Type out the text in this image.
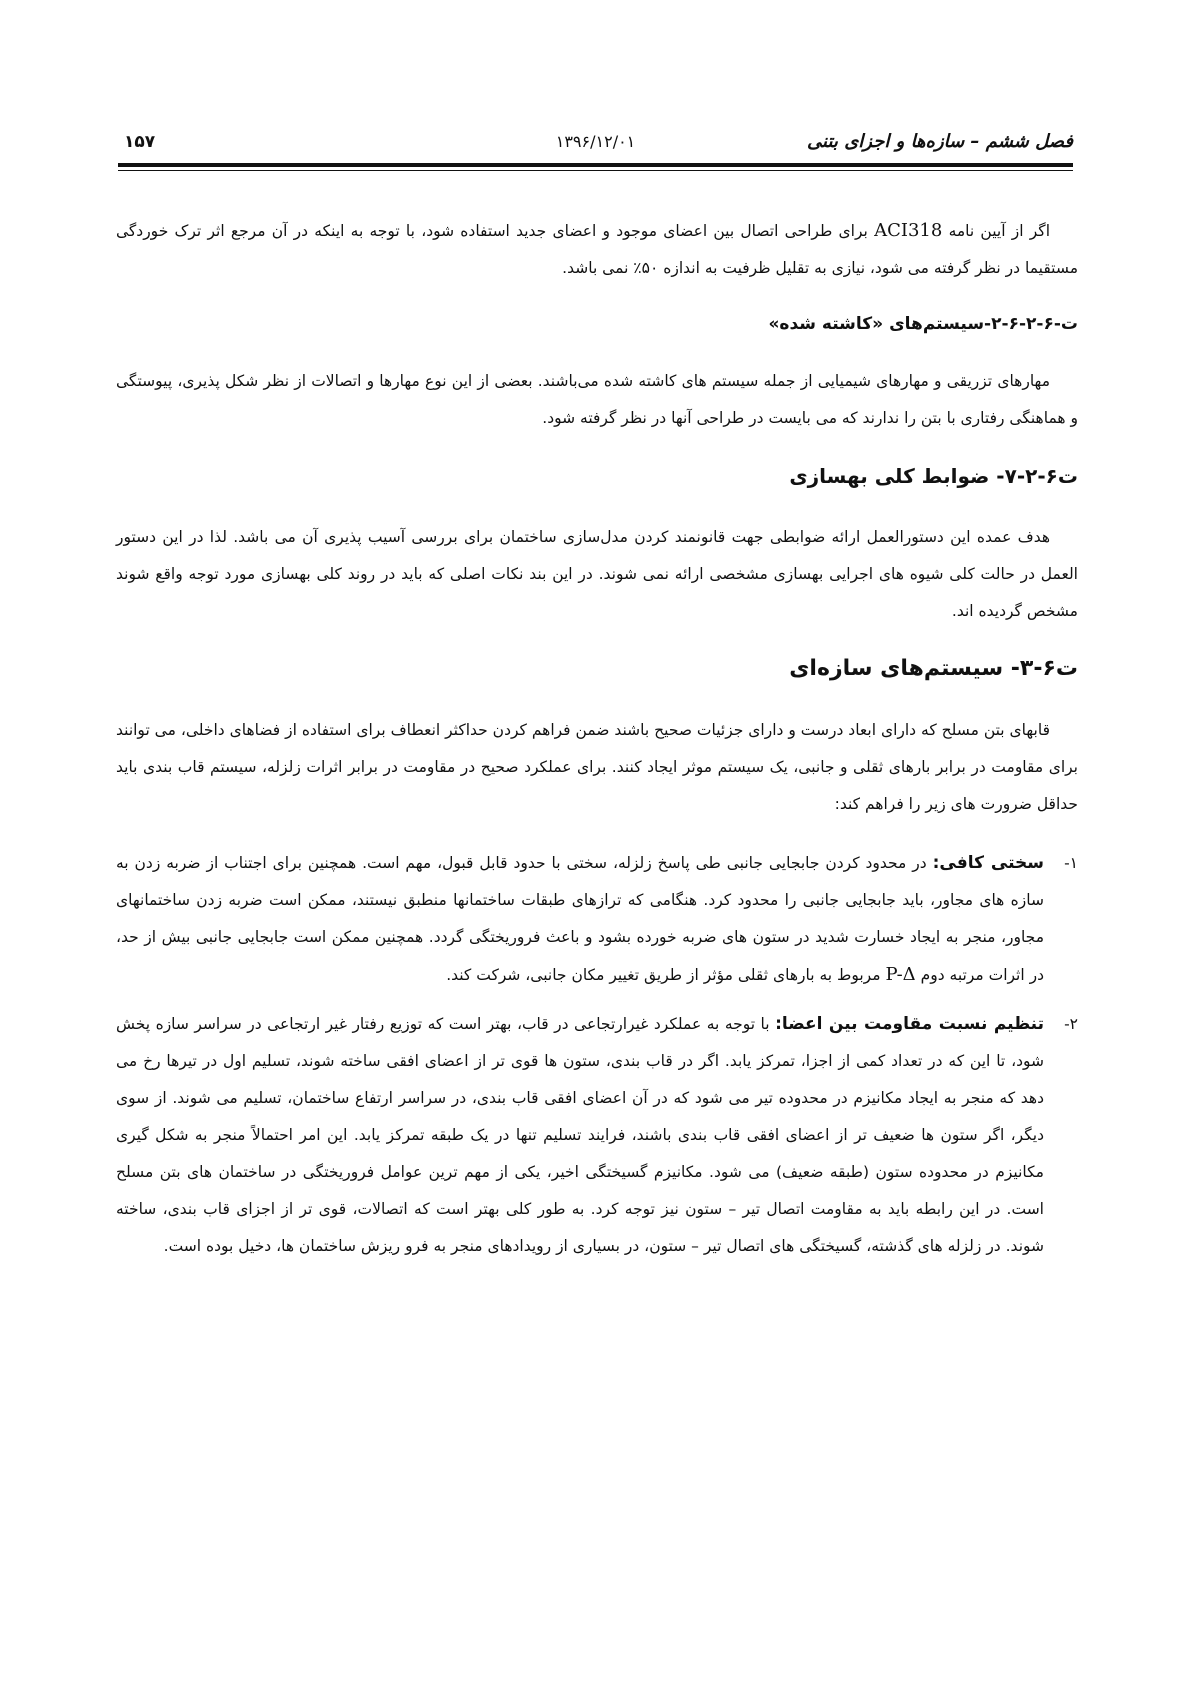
۱۵۷	۱۳۹۶/۱۲/۰۱	فصل ششم – سازه‌ها و اجزای بتنی

اگر از آیین نامه ACI318 برای طراحی اتصال بین اعضای موجود و اعضای جدید استفاده شود، با توجه به اینکه در آن مرجع اثر ترک خوردگی مستقیما در نظر گرفته می شود، نیازی به تقلیل ظرفیت به اندازه ۵۰٪ نمی باشد.

ت-۶-۲-۶-۲-سیستم‌های «کاشته شده»

مهارهای تزریقی و مهارهای شیمیایی از جمله سیستم های کاشته شده می‌باشند. بعضی از این نوع مهارها و اتصالات از نظر شکل پذیری، پیوستگی و هماهنگی رفتاری با بتن را ندارند که می بایست در طراحی آنها در نظر گرفته شود.

ت۶-۲-۷- ضوابط کلی بهسازی

هدف عمده این دستورالعمل ارائه ضوابطی جهت قانونمند کردن مدل‌سازی ساختمان برای بررسی آسیب پذیری آن می باشد. لذا در این دستور العمل در حالت کلی شیوه های اجرایی بهسازی مشخصی ارائه نمی شوند. در این بند نکات اصلی که باید در روند کلی بهسازی مورد توجه واقع شوند مشخص گردیده اند.

ت۶-۳- سیستم‌های سازه‌ای

قابهای بتن مسلح که دارای ابعاد درست و دارای جزئیات صحیح باشند ضمن فراهم کردن حداکثر انعطاف برای استفاده از فضاهای داخلی، می توانند برای مقاومت در برابر بارهای ثقلی و جانبی، یک سیستم موثر ایجاد کنند. برای عملکرد صحیح در مقاومت در برابر اثرات زلزله، سیستم قاب بندی باید حداقل ضرورت های زیر را فراهم کند:

۱-
سختی کافی: در محدود کردن جابجایی جانبی طی پاسخ زلزله، سختی با حدود قابل قبول، مهم است. همچنین برای اجتناب از ضربه زدن به سازه های مجاور، باید جابجایی جانبی را محدود کرد. هنگامی که ترازهای طبقات ساختمانها منطبق نیستند، ممکن است ضربه زدن ساختمانهای مجاور، منجر به ایجاد خسارت شدید در ستون های ضربه خورده بشود و باعث فروریختگی گردد. همچنین ممکن است جابجایی جانبی بیش از حد، در اثرات مرتبه دوم P-Δ مربوط به بارهای ثقلی مؤثر از طریق تغییر مکان جانبی، شرکت کند.
۲-
تنظیم نسبت مقاومت بین اعضا: با توجه به عملکرد غیرارتجاعی در قاب، بهتر است که توزیع رفتار غیر ارتجاعی در سراسر سازه پخش شود، تا این که در تعداد کمی از اجزا، تمرکز یابد. اگر در قاب بندی، ستون ها قوی تر از اعضای افقی ساخته شوند، تسلیم اول در تیرها رخ می دهد که منجر به ایجاد مکانیزم در محدوده تیر می شود که در آن اعضای افقی قاب بندی، در سراسر ارتفاع ساختمان، تسلیم می شوند. از سوی دیگر، اگر ستون ها ضعیف تر از اعضای افقی قاب بندی باشند، فرایند تسلیم تنها در یک طبقه تمرکز یابد. این امر احتمالاً منجر به شکل گیری مکانیزم در محدوده ستون (طبقه ضعیف) می شود. مکانیزم گسیختگی اخیر، یکی از مهم ترین عوامل فروریختگی در ساختمان های بتن مسلح است. در این رابطه باید به مقاومت اتصال تیر – ستون نیز توجه کرد. به طور کلی بهتر است که اتصالات، قوی تر از اجزای قاب بندی، ساخته شوند. در زلزله های گذشته، گسیختگی های اتصال تیر – ستون، در بسیاری از رویدادهای منجر به فرو ریزش ساختمان ها، دخیل بوده است.
